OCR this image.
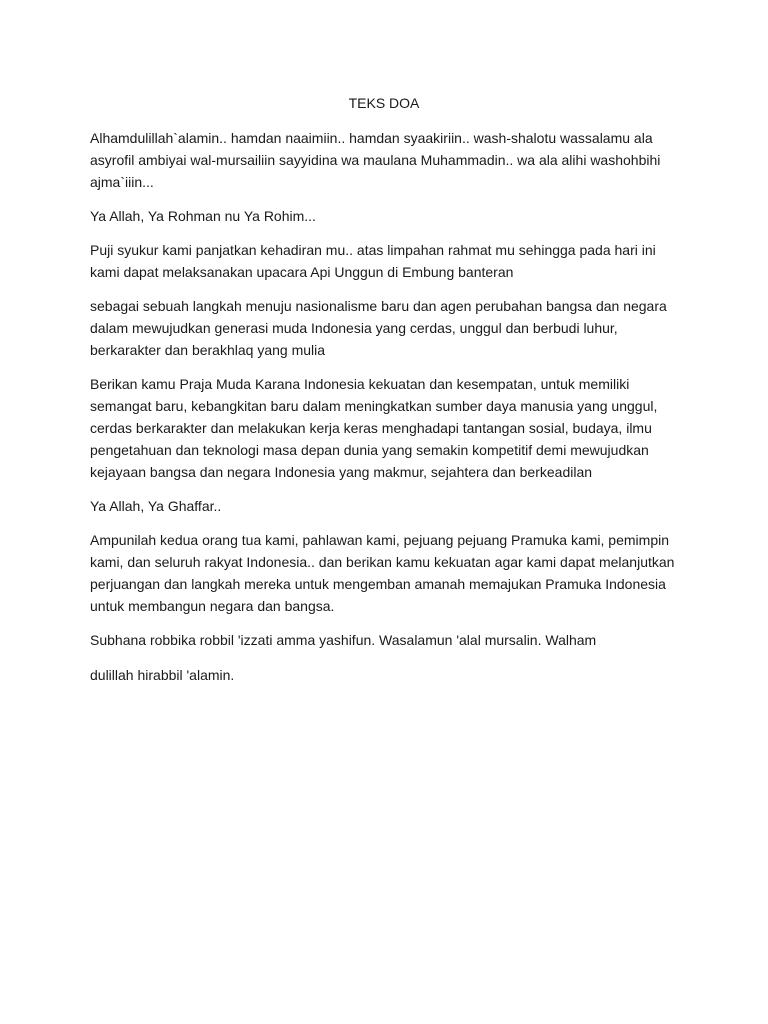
TEKS DOA

Alhamdulillah`alamin.. hamdan naaimiin.. hamdan syaakiriin.. wash-shalotu wassalamu ala
asyrofil ambiyai wal-mursailiin sayyidina wa maulana Muhammadin.. wa ala alihi washohbihi
ajma`iiin...

Ya Allah, Ya Rohman nu Ya Rohim...

Puji syukur kami panjatkan kehadiran mu.. atas limpahan rahmat mu sehingga pada hari ini
kami dapat melaksanakan upacara Api Unggun di Embung banteran

sebagai sebuah langkah menuju nasionalisme baru dan agen perubahan bangsa dan negara
dalam mewujudkan generasi muda Indonesia yang cerdas, unggul dan berbudi luhur,
berkarakter dan berakhlaq yang mulia

Berikan kamu Praja Muda Karana Indonesia kekuatan dan kesempatan, untuk memiliki
semangat baru, kebangkitan baru dalam meningkatkan sumber daya manusia yang unggul,
cerdas berkarakter dan melakukan kerja keras menghadapi tantangan sosial, budaya, ilmu
pengetahuan dan teknologi masa depan dunia yang semakin kompetitif demi mewujudkan
kejayaan bangsa dan negara Indonesia yang makmur, sejahtera dan berkeadilan

Ya Allah, Ya Ghaffar..

Ampunilah kedua orang tua kami, pahlawan kami, pejuang pejuang Pramuka kami, pemimpin
kami, dan seluruh rakyat Indonesia.. dan berikan kamu kekuatan agar kami dapat melanjutkan
perjuangan dan langkah mereka untuk mengemban amanah memajukan Pramuka Indonesia
untuk membangun negara dan bangsa.

Subhana robbika robbil 'izzati amma yashifun. Wasalamun 'alal mursalin. Walham

dulillah hirabbil 'alamin.
